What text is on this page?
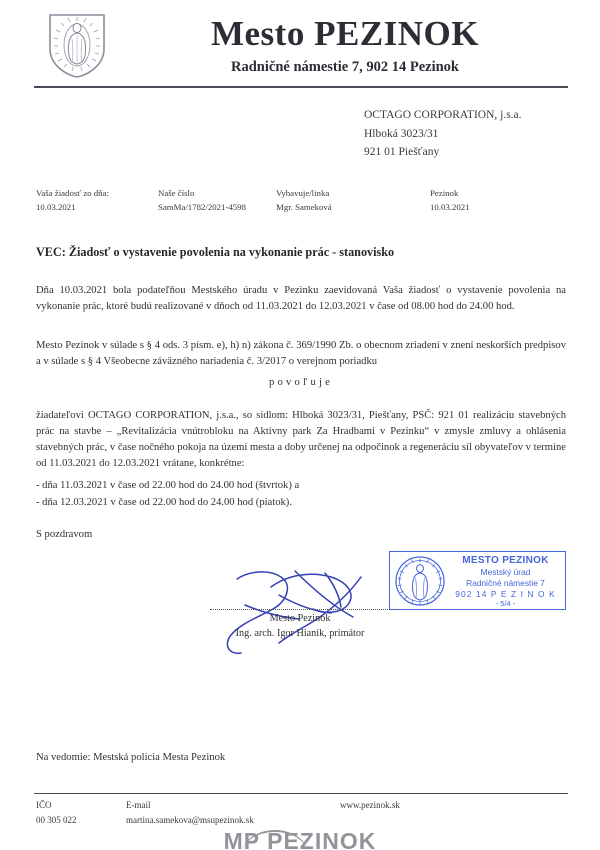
Mesto PEZINOK
Radničné námestie 7, 902 14 Pezinok
OCTAGO CORPORATION, j.s.a.
Hlboká 3023/31
921 01 Piešťany
Vaša žiadosť zo dňa:
10.03.2021
Naše číslo
SamMa/1782/2021-4598
Vybavuje/linka
Mgr. Sameková
Pezinok
10.03.2021
VEC: Žiadosť o vystavenie povolenia na vykonanie prác - stanovisko
Dňa 10.03.2021 bola podateľňou Mestského úradu v Pezinku zaevidovaná Vaša žiadosť o vystavenie povolenia na vykonanie prác, ktoré budú realizované v dňoch od 11.03.2021 do 12.03.2021 v čase od 08.00 hod do 24.00 hod.
Mesto Pezinok v súlade s § 4 ods. 3 písm. e), h) n) zákona č. 369/1990 Zb. o obecnom zriadení v znení neskorších predpisov a v súlade s § 4 Všeobecne záväzného nariadenia č. 3/2017 o verejnom poriadku
povoľuje
žiadateľovi OCTAGO CORPORATION, j.s.a., so sídlom: Hlboká 3023/31, Piešťany, PSČ: 921 01 realizáciu stavebných prác na stavbe – „Revitalizácia vnútrobloku na Aktívny park Za Hradbami v Pezinku“ v zmysle zmluvy a ohlásenia stavebných prác, v čase nočného pokoja na území mesta a doby určenej na odpočinok a regeneráciu síl obyvateľov v termíne od 11.03.2021 do 12.03.2021 vrátane, konkrétne:
- dňa 11.03.2021 v čase od 22.00 hod do 24.00 hod (štvrtok) a
- dňa 12.03.2021 v čase od 22.00 hod do 24.00 hod (piatok).
S pozdravom
MESTO PEZINOK
Mestský úrad
Radničné námestie 7
902 14 P E Z I N O K
- 5/4 -
Mesto Pezinok
Ing. arch. Igor Hianik, primátor
Na vedomie: Mestská polícia Mesta Pezinok
IČO
00 305 022
E-mail
martina.samekova@msupezinok.sk
www.pezinok.sk
MP PEZINOK
